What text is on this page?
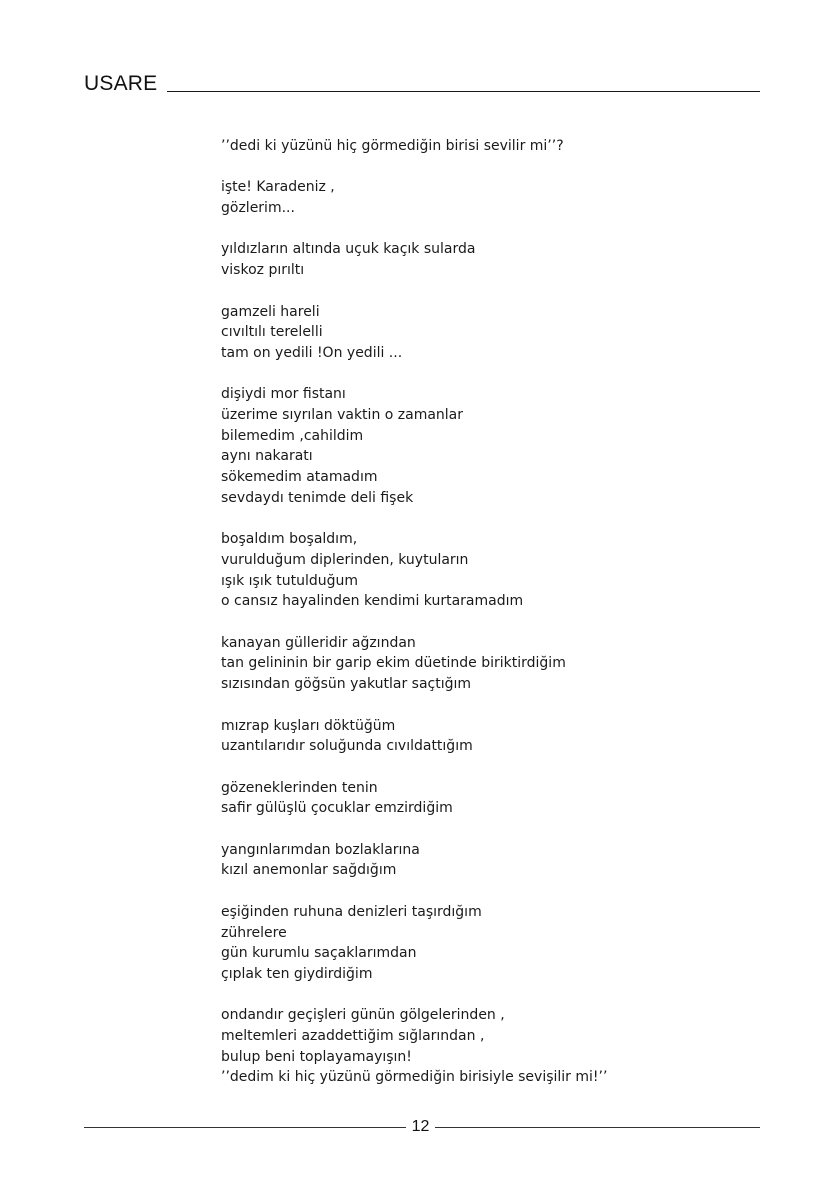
USARE
’’dedi ki yüzünü hiç görmediğin birisi sevilir mi’’?
işte! Karadeniz ,
gözlerim...
yıldızların altında uçuk kaçık sularda
viskoz pırıltı
gamzeli hareli
cıvıltılı terelelli
tam on yedili !On yedili ...
dişiydi mor fistanı
üzerime sıyrılan vaktin o zamanlar
bilemedim ,cahildim
aynı nakaratı
sökemedim atamadım
sevdaydı tenimde deli fişek
boşaldım boşaldım,
vurulduğum diplerinden, kuytuların
ışık ışık tutulduğum
o cansız hayalinden kendimi kurtaramadım
kanayan gülleridir ağzından
tan gelininin bir garip ekim düetinde biriktirdiğim
sızısından göğsün yakutlar saçtığım
mızrap kuşları döktüğüm
uzantılarıdır soluğunda cıvıldattığım
gözeneklerinden tenin
safir gülüşlü çocuklar emzirdiğim
yangınlarımdan bozlaklarına
kızıl anemonlar sağdığım
eşiğinden ruhuna denizleri taşırdığım
zührelere
gün kurumlu saçaklarımdan
çıplak ten giydirdiğim
ondandır geçişleri günün gölgelerinden ,
meltemleri azaddettiğim sığlarından ,
bulup beni toplayamayışın!
’’dedim ki hiç yüzünü görmediğin birisiyle sevişilir mi!’’
12
